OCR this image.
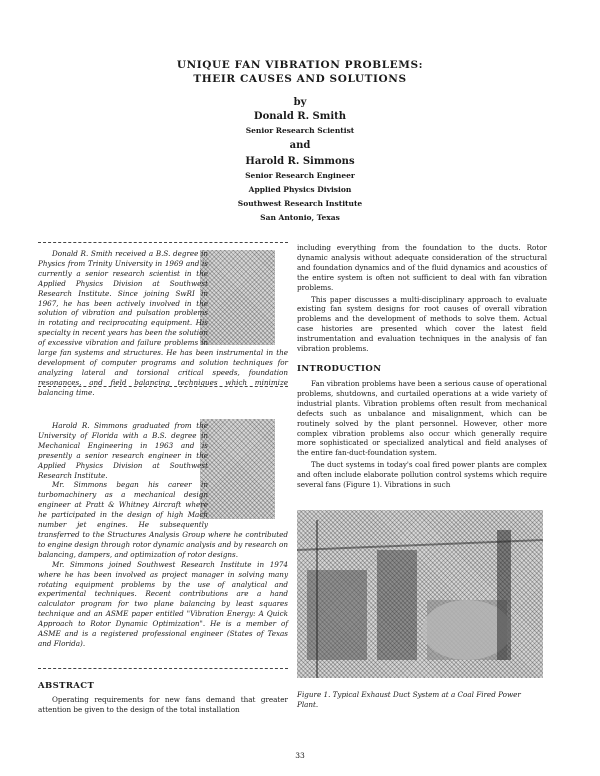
UNIQUE FAN VIBRATION PROBLEMS:
THEIR CAUSES AND SOLUTIONS
by
Donald R. Smith
Senior Research Scientist
and
Harold R. Simmons
Senior Research Engineer
Applied Physics Division
Southwest Research Institute
San Antonio, Texas

Donald R. Smith received a B.S. degree in Physics from Trinity University in 1969 and is currently a senior research scientist in the Applied Physics Division at Southwest Research Institute. Since joining SwRI in 1967, he has been actively involved in the solution of vibration and pulsation problems in rotating and reciprocating equipment. His specialty in recent years has been the solution of excessive vibration and failure problems in large fan systems and structures. He has been instrumental in the development of computer programs and solution techniques for analyzing lateral and torsional critical speeds, foundation resonances, and field balancing techniques which minimize balancing time.

Harold R. Simmons graduated from the University of Florida with a B.S. degree in Mechanical Engineering in 1963 and is presently a senior research engineer in the Applied Physics Division at Southwest Research Institute.

Mr. Simmons began his career in turbomachinery as a mechanical design engineer at Pratt & Whitney Aircraft where he participated in the design of high Mach number jet engines. He subsequently transferred to the Structures Analysis Group where he contributed to engine design through rotor dynamic analysis and by research on balancing, dampers, and optimization of rotor designs.

Mr. Simmons joined Southwest Research Institute in 1974 where he has been involved as project manager in solving many rotating equipment problems by the use of analytical and experimental techniques. Recent contributions are a hand calculator program for two plane balancing by least squares technique and an ASME paper entitled "Vibration Energy: A Quick Approach to Rotor Dynamic Optimization". He is a member of ASME and is a registered professional engineer (States of Texas and Florida).

ABSTRACT

Operating requirements for new fans demand that greater attention be given to the design of the total installation

including everything from the foundation to the ducts. Rotor dynamic analysis without adequate consideration of the structural and foundation dynamics and of the fluid dynamics and acoustics of the entire system is often not sufficient to deal with fan vibration problems.

This paper discusses a multi-disciplinary approach to evaluate existing fan system designs for root causes of overall vibration problems and the development of methods to solve them. Actual case histories are presented which cover the latest field instrumentation and evaluation techniques in the analysis of fan vibration problems.

INTRODUCTION

Fan vibration problems have been a serious cause of operational problems, shutdowns, and curtailed operations at a wide variety of industrial plants. Vibration problems often result from mechanical defects such as unbalance and misalignment, which can be routinely solved by the plant personnel. However, other more complex vibration problems also occur which generally require more sophisticated or specialized analytical and field analyses of the entire fan-duct-foundation system.

The duct systems in today's coal fired power plants are complex and often include elaborate pollution control systems which require several fans (Figure 1). Vibrations in such

Figure 1. Typical Exhaust Duct System at a Coal Fired Power Plant.
33
